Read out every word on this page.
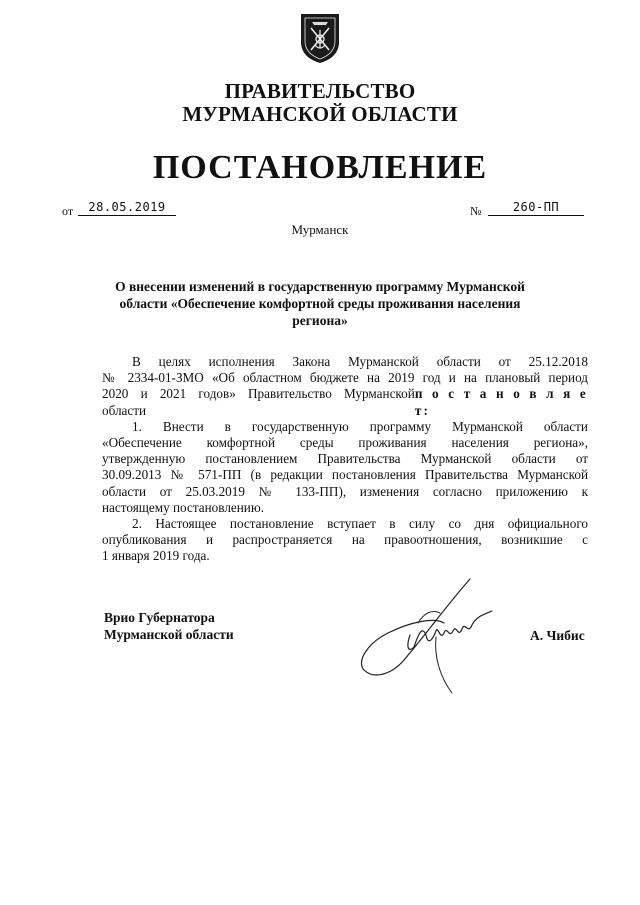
ПРАВИТЕЛЬСТВО
МУРМАНСКОЙ ОБЛАСТИ
ПОСТАНОВЛЕНИЕ
от	28.05.2019	№	260-ПП
Мурманск
О внесении изменений в государственную программу Мурманской
области «Обеспечение комфортной среды проживания населения
региона»
В целях исполнения Закона Мурманской области от 25.12.2018
№ 2334-01-ЗМО «Об областном бюджете на 2019 год и на плановый период
2020 и 2021 годов» Правительство Мурманской области
п о с т а н о в л я е т:
1. Внести в государственную программу Мурманской области
«Обеспечение комфортной среды проживания населения региона»,
утвержденную постановлением Правительства Мурманской области от
30.09.2013 № 571-ПП (в редакции постановления Правительства Мурманской
области от 25.03.2019 № 133-ПП), изменения согласно приложению к
настоящему постановлению.
2. Настоящее постановление вступает в силу со дня официального
опубликования и распространяется на правоотношения, возникшие с
1 января 2019 года.
Врио Губернатора
Мурманской области	А. Чибис
